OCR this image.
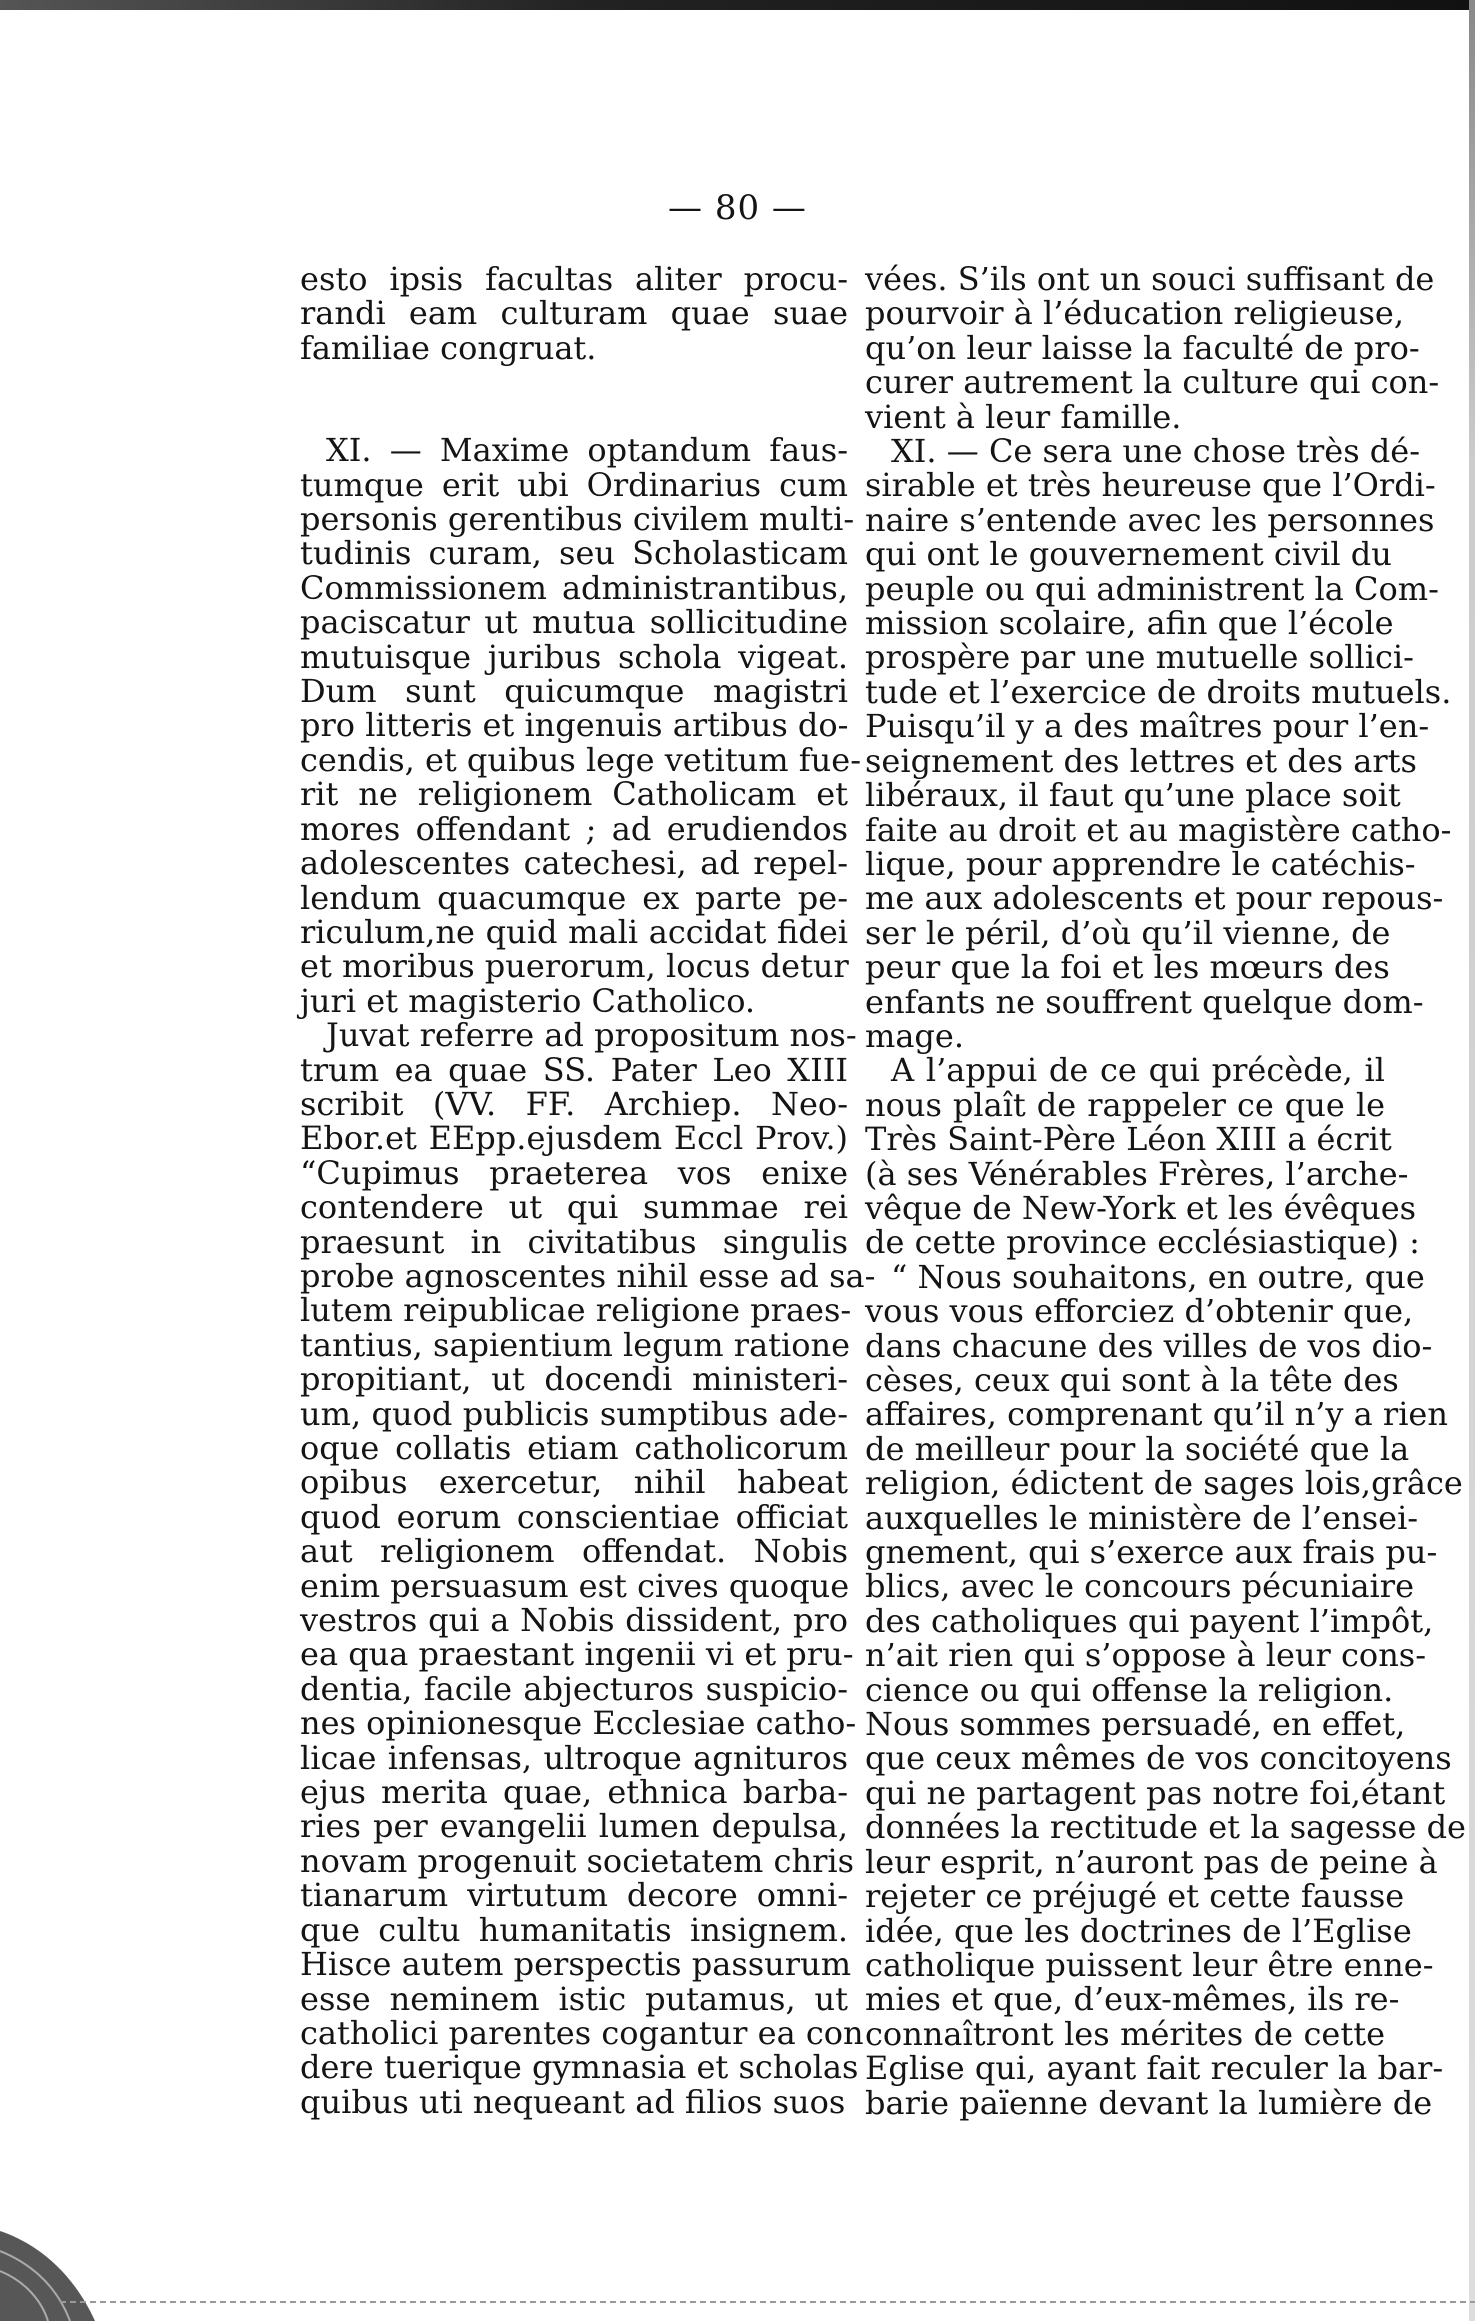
— 80 —
esto ipsis facultas aliter procu-
randi eam culturam quae suae
familiae congruat.
XI. — Maxime optandum faus-
tumque erit ubi Ordinarius cum
personis gerentibus civilem multi-
tudinis curam, seu Scholasticam
Commissionem administrantibus,
paciscatur ut mutua sollicitudine
mutuisque juribus schola vigeat.
Dum sunt quicumque magistri
pro litteris et ingenuis artibus do-
cendis, et quibus lege vetitum fue-
rit ne religionem Catholicam et
mores offendant ; ad erudiendos
adolescentes catechesi, ad repel-
lendum quacumque ex parte pe-
riculum,ne quid mali accidat fidei
et moribus puerorum, locus detur
juri et magisterio Catholico.
Juvat referre ad propositum nos-
trum ea quae SS. Pater Leo XIII
scribit (VV. FF. Archiep. Neo-
Ebor.et EEpp.ejusdem Eccl Prov.)
“Cupimus praeterea vos enixe
contendere ut qui summae rei
praesunt in civitatibus singulis
probe agnoscentes nihil esse ad sa-
lutem reipublicae religione praes-
tantius, sapientium legum ratione
propitiant, ut docendi ministeri-
um, quod publicis sumptibus ade-
oque collatis etiam catholicorum
opibus exercetur, nihil habeat
quod eorum conscientiae officiat
aut religionem offendat. Nobis
enim persuasum est cives quoque
vestros qui a Nobis dissident, pro
ea qua praestant ingenii vi et pru-
dentia, facile abjecturos suspicio-
nes opinionesque Ecclesiae catho-
licae infensas, ultroque agnituros
ejus merita quae, ethnica barba-
ries per evangelii lumen depulsa,
novam progenuit societatem chris
tianarum virtutum decore omni-
que cultu humanitatis insignem.
Hisce autem perspectis passurum
esse neminem istic putamus, ut
catholici parentes cogantur ea con
dere tuerique gymnasia et scholas
quibus uti nequeant ad filios suos
vées. S’ils ont un souci suffisant de
pourvoir à l’éducation religieuse,
qu’on leur laisse la faculté de pro-
curer autrement la culture qui con-
vient à leur famille.
XI. — Ce sera une chose très dé-
sirable et très heureuse que l’Ordi-
naire s’entende avec les personnes
qui ont le gouvernement civil du
peuple ou qui administrent la Com-
mission scolaire, afin que l’école
prospère par une mutuelle sollici-
tude et l’exercice de droits mutuels.
Puisqu’il y a des maîtres pour l’en-
seignement des lettres et des arts
libéraux, il faut qu’une place soit
faite au droit et au magistère catho-
lique, pour apprendre le catéchis-
me aux adolescents et pour repous-
ser le péril, d’où qu’il vienne, de
peur que la foi et les mœurs des
enfants ne souffrent quelque dom-
mage.
A l’appui de ce qui précède, il
nous plaît de rappeler ce que le
Très Saint-Père Léon XIII a écrit
(à ses Vénérables Frères, l’arche-
vêque de New-York et les évêques
de cette province ecclésiastique) :
“ Nous souhaitons, en outre, que
vous vous efforciez d’obtenir que,
dans chacune des villes de vos dio-
cèses, ceux qui sont à la tête des
affaires, comprenant qu’il n’y a rien
de meilleur pour la société que la
religion, édictent de sages lois,grâce
auxquelles le ministère de l’ensei-
gnement, qui s’exerce aux frais pu-
blics, avec le concours pécuniaire
des catholiques qui payent l’impôt,
n’ait rien qui s’oppose à leur cons-
cience ou qui offense la religion.
Nous sommes persuadé, en effet,
que ceux mêmes de vos concitoyens
qui ne partagent pas notre foi,étant
données la rectitude et la sagesse de
leur esprit, n’auront pas de peine à
rejeter ce préjugé et cette fausse
idée, que les doctrines de l’Eglise
catholique puissent leur être enne-
mies et que, d’eux-mêmes, ils re-
connaîtront les mérites de cette
Eglise qui, ayant fait reculer la bar-
barie païenne devant la lumière de
